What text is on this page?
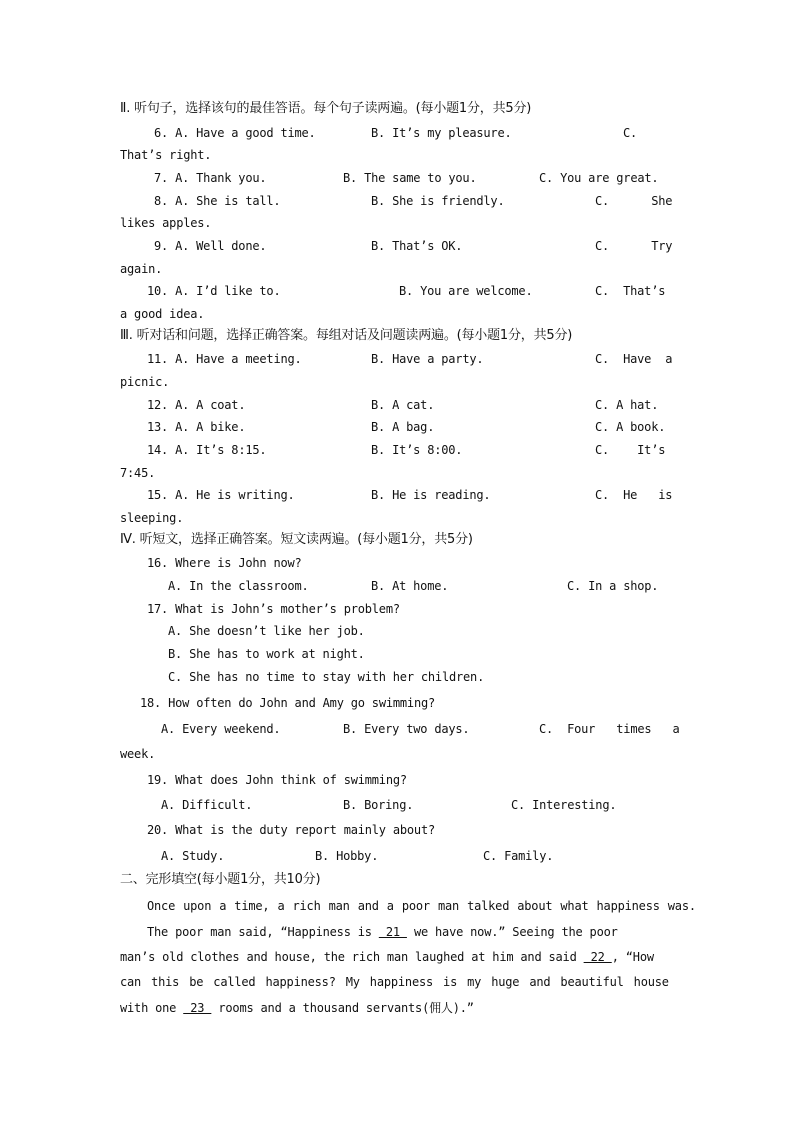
Ⅱ. 听句子，选择该句的最佳答语。每个句子读两遍。(每小题1分，共5分)
6. A. Have a good time.	B. It’s my pleasure.	C.
That’s right.
7. A. Thank you.	B. The same to you.	C. You are great.
8. A. She is tall.	B. She is friendly.	C.      She
likes apples.
9. A. Well done.	B. That’s OK.	C.      Try
again.
10. A. I’d like to.	B. You are welcome.	C.  That’s
a good idea.
Ⅲ. 听对话和问题，选择正确答案。每组对话及问题读两遍。(每小题1分，共5分)
11. A. Have a meeting.	B. Have a party.	C.  Have  a
picnic.
12. A. A coat.	B. A cat.	C. A hat.
13. A. A bike.	B. A bag.	C. A book.
14. A. It’s 8:15.	B. It’s 8:00.	C.    It’s
7:45.
15. A. He is writing.	B. He is reading.	C.  He   is
sleeping.
Ⅳ. 听短文，选择正确答案。短文读两遍。(每小题1分，共5分)
16. Where is John now?
A. In the classroom.	B. At home.	C. In a shop.
17. What is John’s mother’s problem?
A. She doesn’t like her job.
B. She has to work at night.
C. She has no time to stay with her children.
18. How often do John and Amy go swimming?
A. Every weekend.	B. Every two days.	C.  Four   times   a
week.
19. What does John think of swimming?
A. Difficult.	B. Boring.	C. Interesting.
20. What is the duty report mainly about?
A. Study.	B. Hobby.	C. Family.
二、完形填空(每小题1分，共10分)
Once upon a time, a rich man and a poor man talked about what happiness was.
The poor man said, “Happiness is  21  we have now.” Seeing the poor
man’s old clothes and house, the rich man laughed at him and said  22 , “How
can this be called happiness? My happiness is my huge and beautiful house
with one  23  rooms and a thousand servants(佣人).”
